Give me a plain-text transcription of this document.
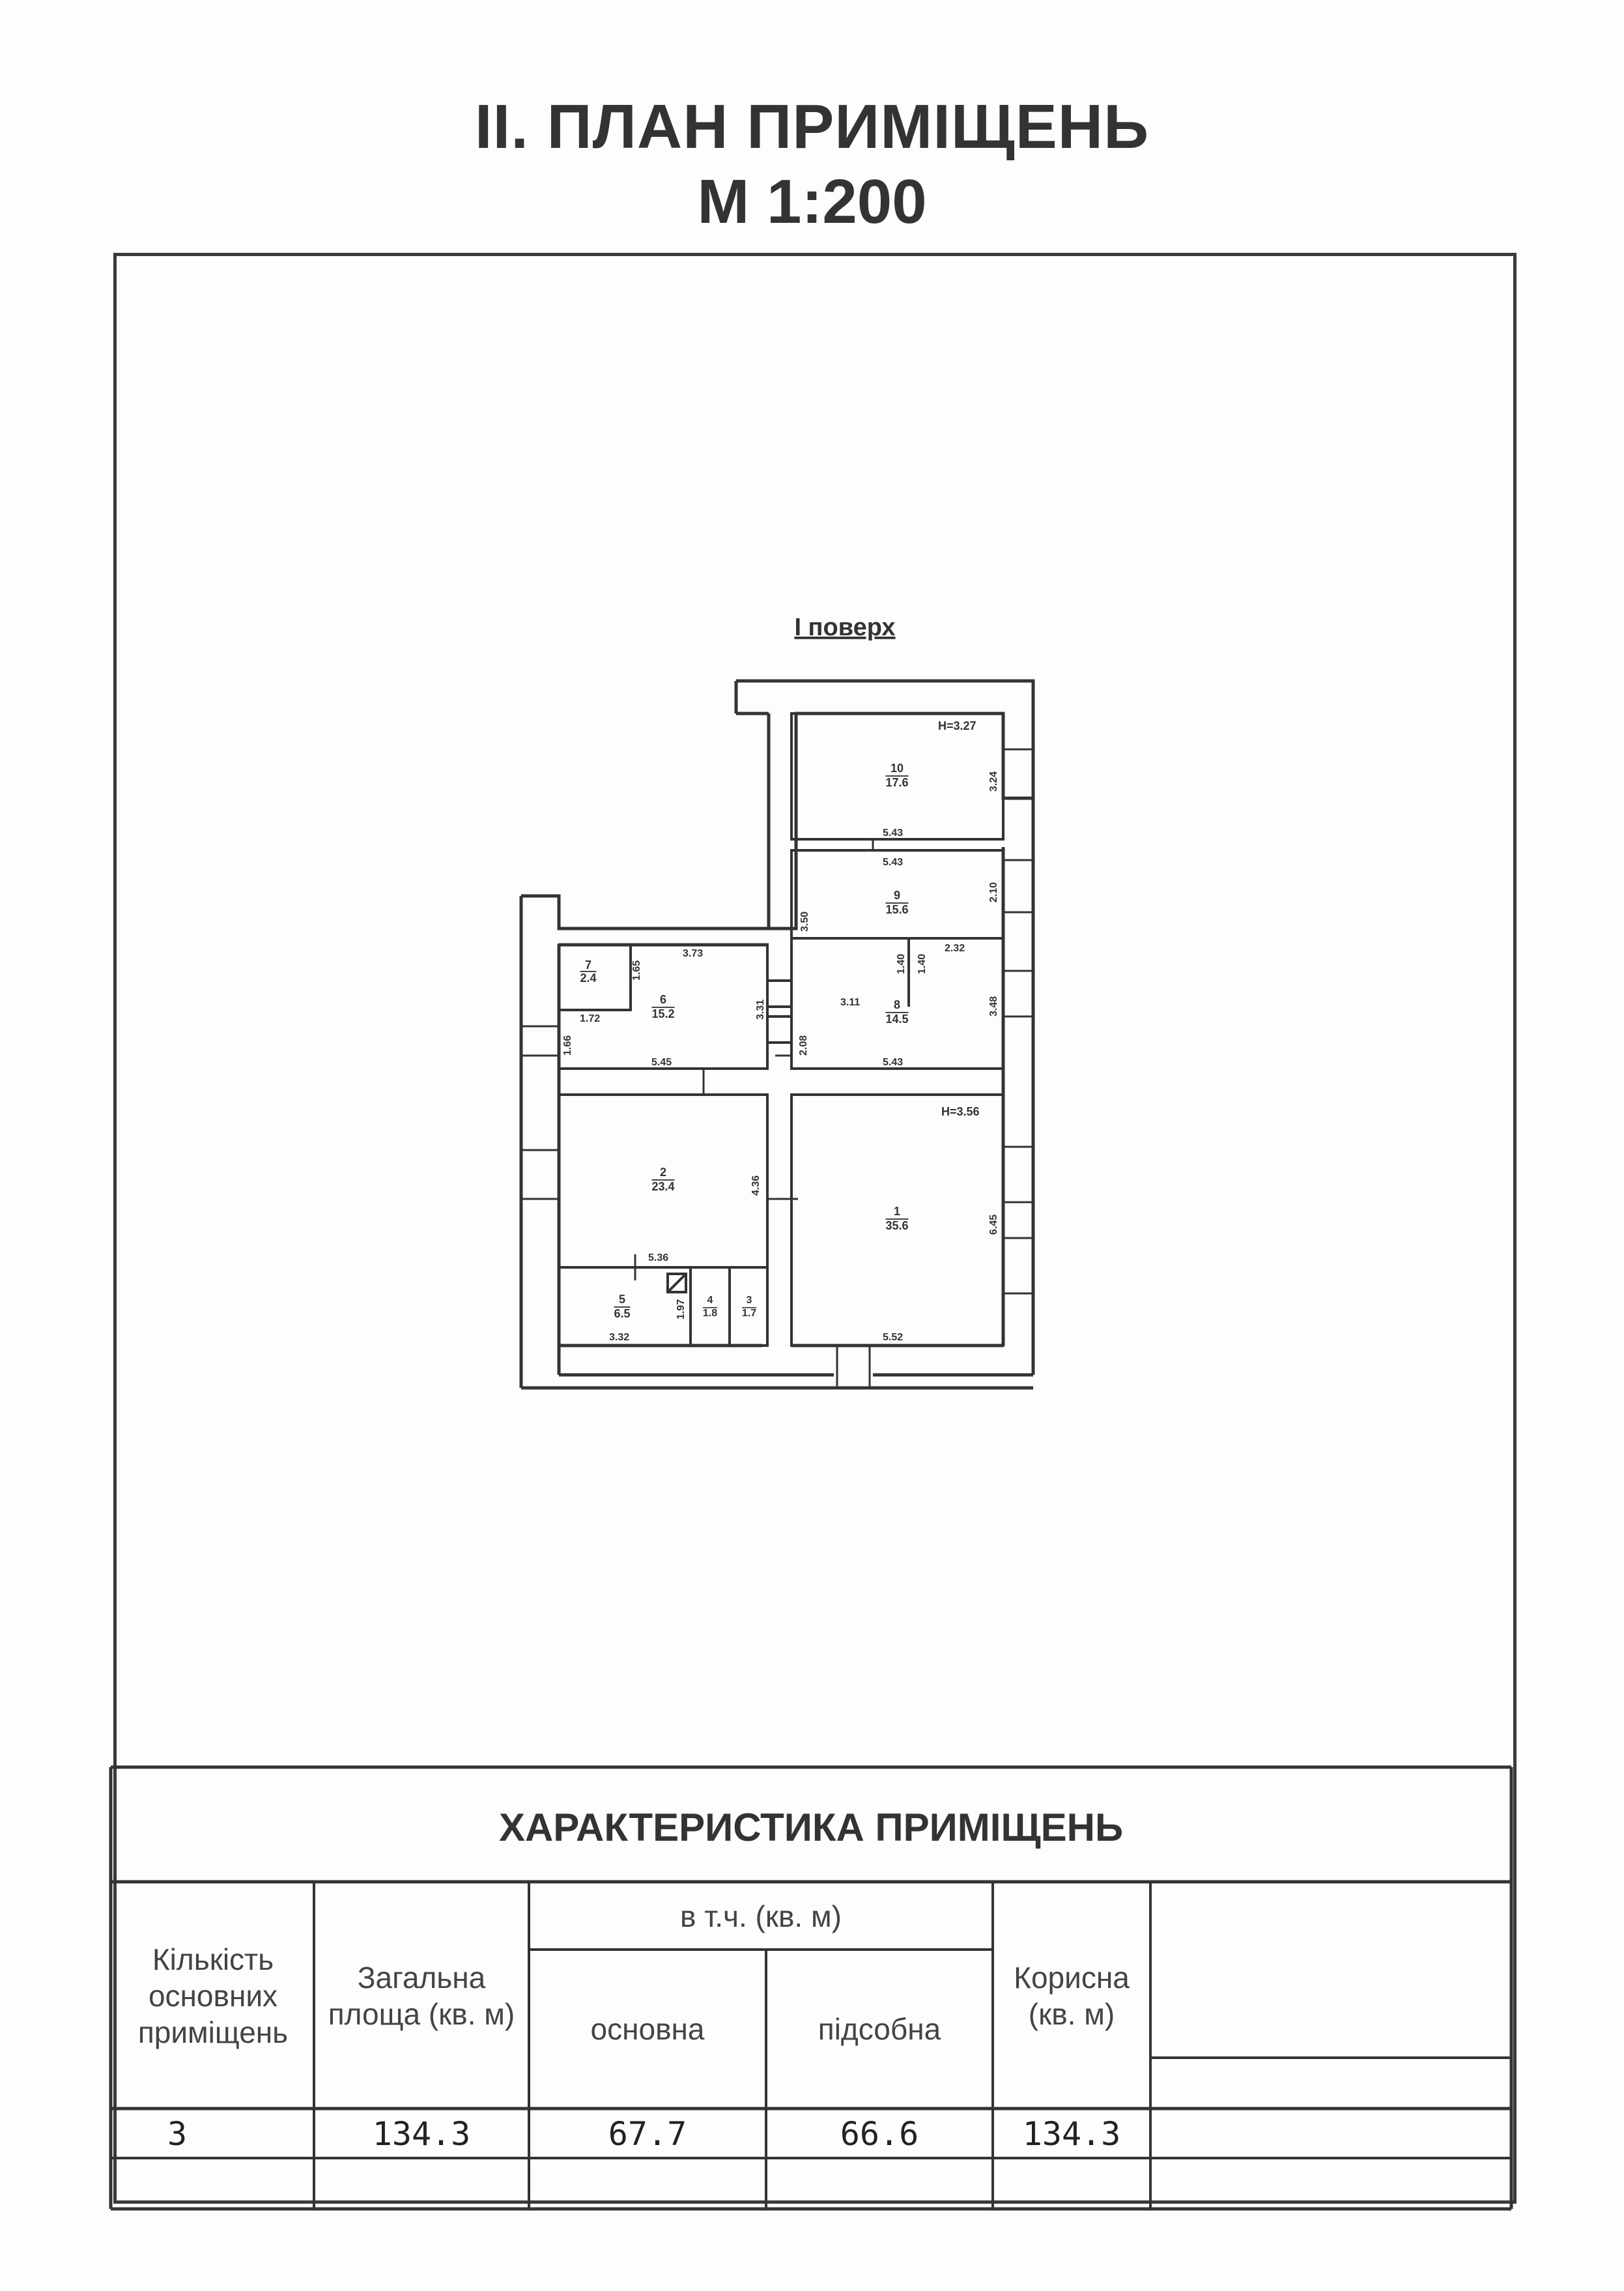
ІІ. ПЛАН ПРИМІЩЕНЬ
М 1:200
І поверх
H=3.27
H=3.56
10
17.6
9
15.6
8
14.5
7
2.4
6
15.2
2
23.4
1
35.6
5
6.5
4
1.8
3
1.7
3.24
5.43
5.43
3.50
2.10
1.40 1.40
2.32
3.73
1.65
3.31	3.11
1.72
3.48
2.08
1.66
5.45	5.43
4.36
6.45
5.36
1.97
3.32	5.52
ХАРАКТЕРИСТИКА ПРИМІЩЕНЬ
Кількість основних приміщень
Загальна площа (кв. м)
в т.ч. (кв. м)
основна	підсобна
Корисна (кв. м)
3	134.3	67.7	66.6	134.3
